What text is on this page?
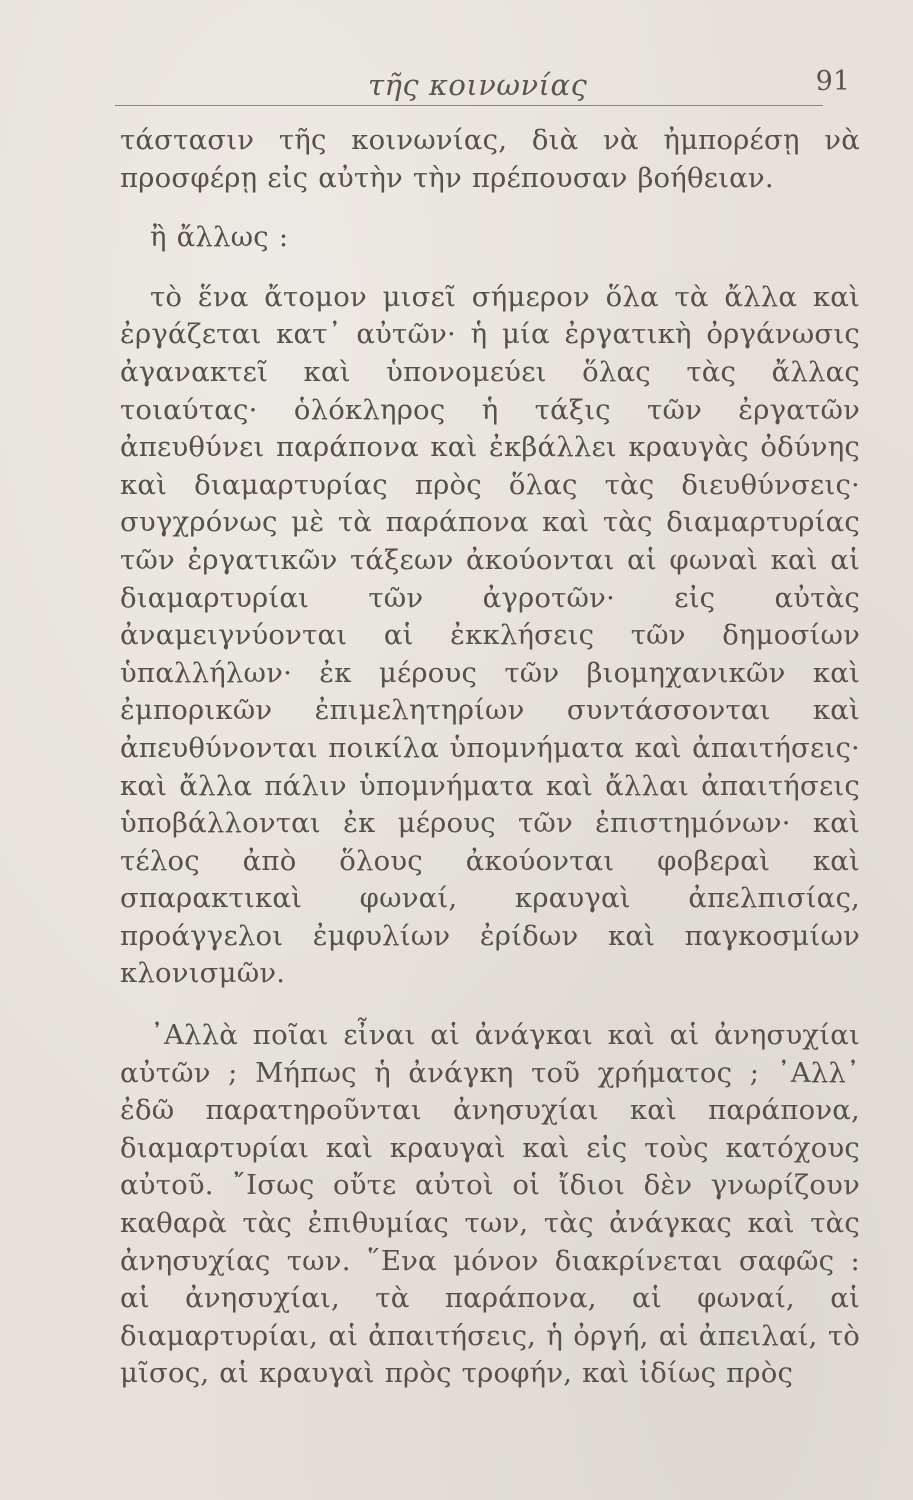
τῆς κοινωνίας	91

τάστασιν τῆς κοινωνίας, διὰ νὰ ἠμπορέσῃ νὰ προσφέρῃ εἰς αὐτὴν τὴν πρέπουσαν βοήθειαν.

ἢ ἄλλως :

τὸ ἕνα ἄτομον μισεῖ σήμερον ὅλα τὰ ἄλλα καὶ ἐργάζεται κατ᾽ αὐτῶν· ἡ μία ἐργατικὴ ὀργάνωσις ἀγανακτεῖ καὶ ὑπονομεύει ὅλας τὰς ἄλλας τοιαύτας· ὁλόκληρος ἡ τάξις τῶν ἐργατῶν ἀπευθύνει παράπονα καὶ ἐκβάλλει κραυγὰς ὀδύνης καὶ διαμαρτυρίας πρὸς ὅλας τὰς διευθύνσεις· συγχρόνως μὲ τὰ παράπονα καὶ τὰς διαμαρτυρίας τῶν ἐργατικῶν τάξεων ἀκούονται αἱ φωναὶ καὶ αἱ διαμαρτυρίαι τῶν ἀγροτῶν· εἰς αὐτὰς ἀναμειγνύονται αἱ ἐκκλήσεις τῶν δημοσίων ὑπαλλήλων· ἐκ μέρους τῶν βιομηχανικῶν καὶ ἐμπορικῶν ἐπιμελητηρίων συντάσσονται καὶ ἀπευθύνονται ποικίλα ὑπομνήματα καὶ ἀπαιτήσεις· καὶ ἄλλα πάλιν ὑπομνήματα καὶ ἄλλαι ἀπαιτήσεις ὑποβάλλονται ἐκ μέρους τῶν ἐπιστημόνων· καὶ τέλος ἀπὸ ὅλους ἀκούονται φοβεραὶ καὶ σπαρακτικαὶ φωναί, κραυγαὶ ἀπελπισίας, προάγγελοι ἐμφυλίων ἐρίδων καὶ παγκοσμίων κλονισμῶν.

᾽Αλλὰ ποῖαι εἶναι αἱ ἀνάγκαι καὶ αἱ ἀνησυχίαι αὐτῶν ; Μήπως ἡ ἀνάγκη τοῦ χρήματος ; ᾽Αλλ᾽ ἐδῶ παρατηροῦνται ἀνησυχίαι καὶ παράπονα, διαμαρτυρίαι καὶ κραυγαὶ καὶ εἰς τοὺς κατόχους αὐτοῦ. ῎Ισως οὔτε αὐτοὶ οἱ ἴδιοι δὲν γνωρίζουν καθαρὰ τὰς ἐπιθυμίας των, τὰς ἀνάγκας καὶ τὰς ἀνησυχίας των. ῞Ενα μόνον διακρίνεται σαφῶς : αἱ ἀνησυχίαι, τὰ παράπονα, αἱ φωναί, αἱ διαμαρτυρίαι, αἱ ἀπαιτήσεις, ἡ ὀργή, αἱ ἀπειλαί, τὸ μῖσος, αἱ κραυγαὶ πρὸς τροφήν, καὶ ἰδίως πρὸς
